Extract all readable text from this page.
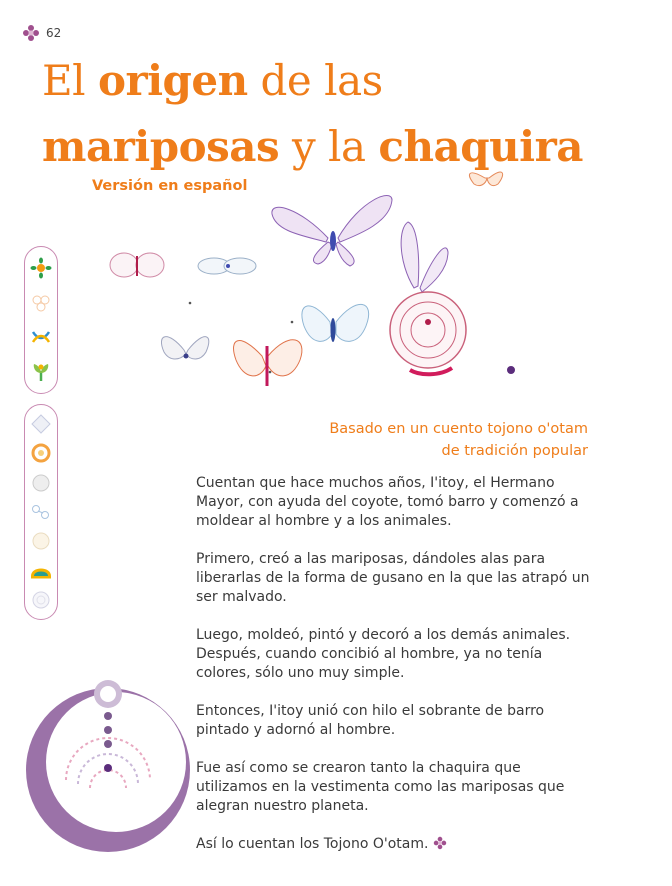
62
El origen de las
mariposas y la chaquira
Versión en español
Basado en un cuento tojono o'otam
de tradición popular

Cuentan que hace muchos años, I'itoy, el Hermano Mayor, con ayuda del coyote, tomó barro y comenzó a moldear al hombre y a los animales.

Primero, creó a las mariposas, dándoles alas para liberarlas de la forma de gusano en la que las atrapó un ser malvado.

Luego, moldeó, pintó y decoró a los demás animales. Después, cuando concibió al hombre, ya no tenía colores, sólo uno muy simple.

Entonces, I'itoy unió con hilo el sobrante de barro pintado y adornó al hombre.

Fue así como se crearon tanto la chaquira que utilizamos en la vestimenta como las mariposas que alegran nuestro planeta.

Así lo cuentan los Tojono O'otam.
